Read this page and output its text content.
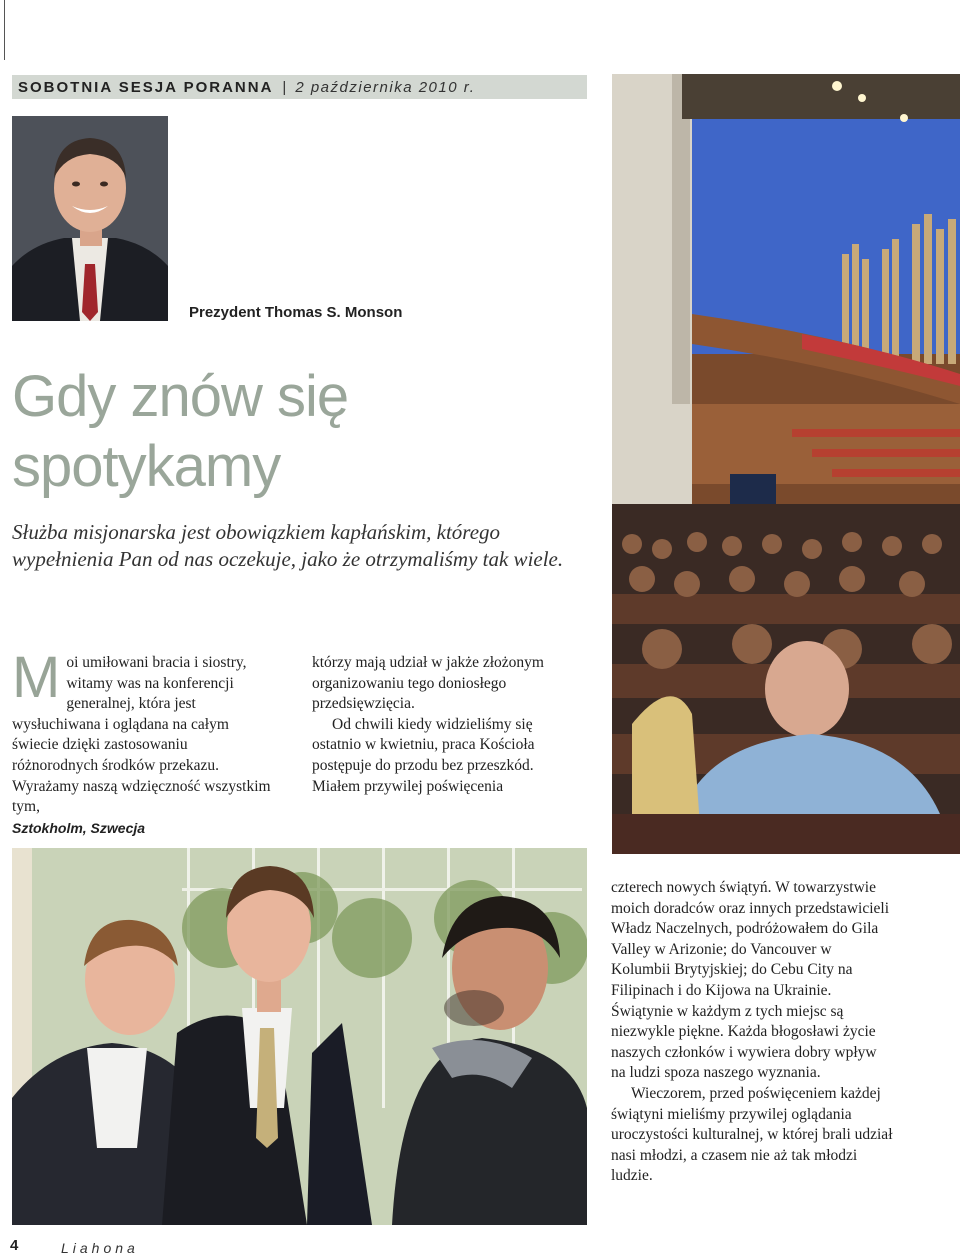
SOBOTNIA SESJA PORANNA | 2 października 2010 r.
Prezydent Thomas S. Monson
Gdy znów się
spotykamy
Służba misjonarska jest obowiązkiem kapłańskim, którego wypełnienia Pan od nas oczekuje, jako że otrzymaliśmy tak wiele.
M oi umiłowani bracia i siostry, witamy was na konferencji generalnej, która jest wysłuchiwana i oglądana na całym świecie dzięki zastosowaniu różnorodnych środków przekazu. Wyrażamy naszą wdzięczność wszystkim tym,

którzy mają udział w jakże złożonym organizowaniu tego doniosłego przedsięwzięcia.

Od chwili kiedy widzieliśmy się ostatnio w kwietniu, praca Kościoła postępuje do przodu bez przeszkód. Miałem przywilej poświęcenia

Sztokholm, Szwecja

czterech nowych świątyń. W towarzystwie moich doradców oraz innych przedstawicieli Władz Naczelnych, podróżowałem do Gila Valley w Arizonie; do Vancouver w Kolumbii Brytyjskiej; do Cebu City na Filipinach i do Kijowa na Ukrainie. Świątynie w każdym z tych miejsc są niezwykle piękne. Każda błogosławi życie naszych członków i wywiera dobry wpływ na ludzi spoza naszego wyznania.

Wieczorem, przed poświęceniem każdej świątyni mieliśmy przywilej oglądania uroczystości kulturalnej, w której brali udział nasi młodzi, a czasem nie aż tak młodzi ludzie.

4	Liahona
